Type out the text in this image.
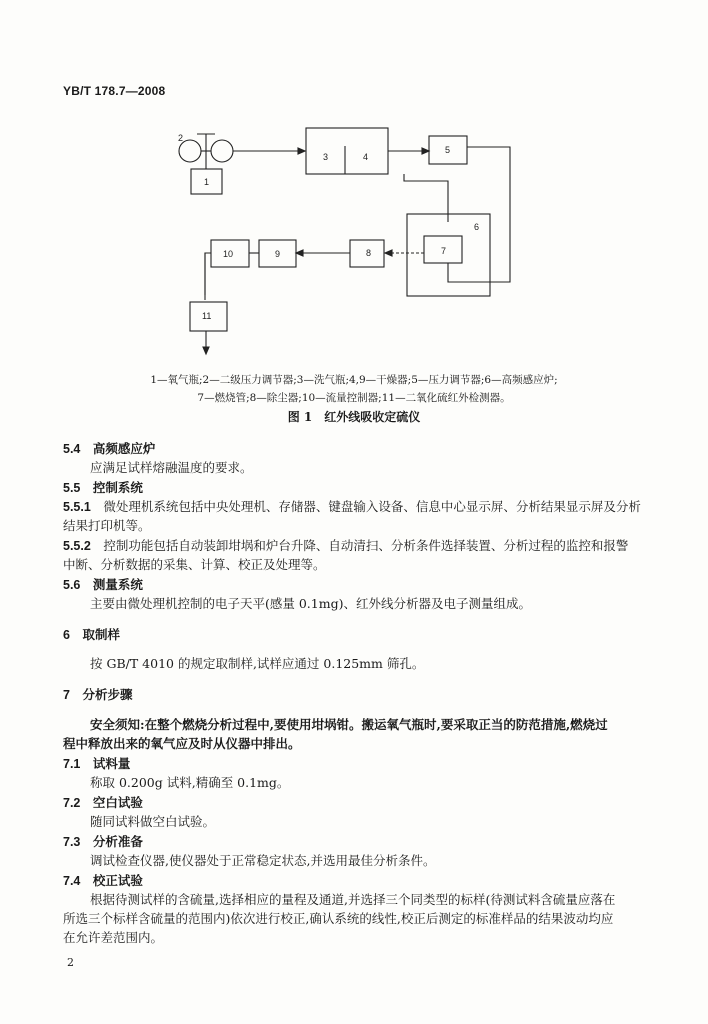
YB/T 178.7—2008
2
1
3	4
5
6
7
8
9
10
11
1—氧气瓶;2—二级压力调节器;3—洗气瓶;4,9—干燥器;5—压力调节器;6—高频感应炉;
7—燃烧管;8—除尘器;10—流量控制器;11—二氧化硫红外检测器。
图 1　红外线吸收定硫仪
5.4　 高频感应炉
应满足试样熔融温度的要求。
5.5　 控制系统
5.5.1　 微处理机系统包括中央处理机、存储器、键盘输入设备、信息中心显示屏、分析结果显示屏及分析
结果打印机等。
5.5.2　 控制功能包括自动装卸坩埚和炉台升降、自动清扫、分析条件选择装置、分析过程的监控和报警
中断、分析数据的采集、计算、校正及处理等。
5.6　 测量系统
主要由微处理机控制的电子天平(感量 0.1mg)、红外线分析器及电子测量组成。
6　 取制样
按 GB/T 4010 的规定取制样,试样应通过 0.125mm 筛孔。
7　 分析步骤
安全须知:在整个燃烧分析过程中,要使用坩埚钳。搬运氧气瓶时,要采取正当的防范措施,燃烧过
程中释放出来的氧气应及时从仪器中排出。
7.1　 试料量
称取 0.200g 试料,精确至 0.1mg。
7.2　 空白试验
随同试料做空白试验。
7.3　 分析准备
调试检查仪器,使仪器处于正常稳定状态,并选用最佳分析条件。
7.4　 校正试验
根据待测试样的含硫量,选择相应的量程及通道,并选择三个同类型的标样(待测试料含硫量应落在
所选三个标样含硫量的范围内)依次进行校正,确认系统的线性,校正后测定的标准样品的结果波动均应
在允许差范围内。
2
